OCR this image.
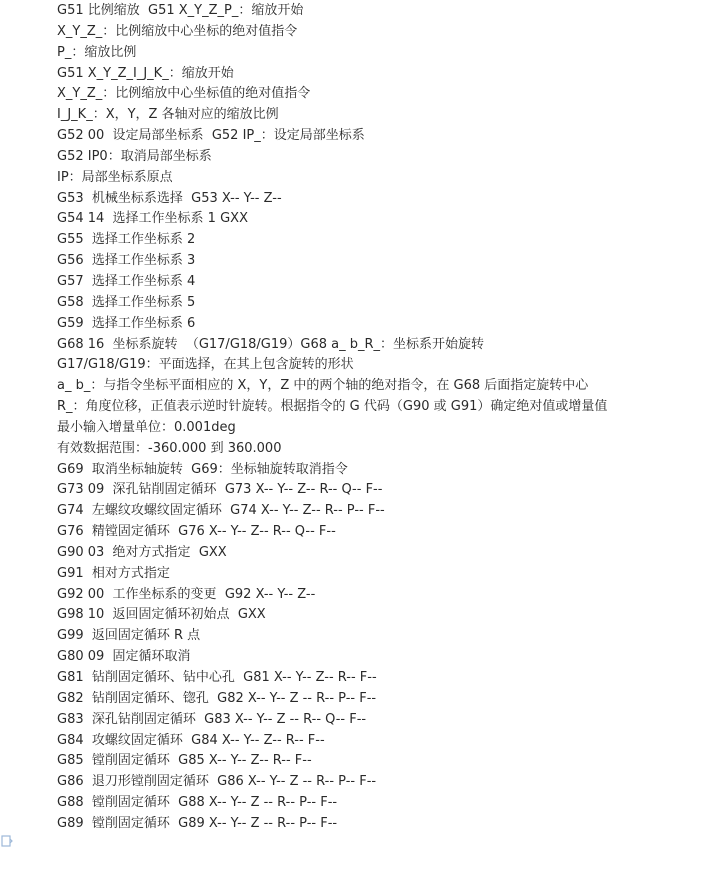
G51 比例缩放  G51 X_Y_Z_P_：缩放开始
X_Y_Z_：比例缩放中心坐标的绝对值指令
P_：缩放比例
G51 X_Y_Z_I_J_K_：缩放开始
X_Y_Z_：比例缩放中心坐标值的绝对值指令
I_J_K_：X，Y，Z 各轴对应的缩放比例
G52 00  设定局部坐标系  G52 IP_：设定局部坐标系
G52 IP0：取消局部坐标系
IP：局部坐标系原点
G53  机械坐标系选择  G53 X-- Y-- Z--
G54 14  选择工作坐标系 1 GXX
G55  选择工作坐标系 2
G56  选择工作坐标系 3
G57  选择工作坐标系 4
G58  选择工作坐标系 5
G59  选择工作坐标系 6
G68 16  坐标系旋转  （G17/G18/G19）G68 a_ b_R_：坐标系开始旋转
G17/G18/G19：平面选择，在其上包含旋转的形状
a_ b_：与指令坐标平面相应的 X，Y，Z 中的两个轴的绝对指令，在 G68 后面指定旋转中心
R_：角度位移，正值表示逆时针旋转。根据指令的 G 代码（G90 或 G91）确定绝对值或增量值
最小输入增量单位：0.001deg
有效数据范围：-360.000 到 360.000
G69  取消坐标轴旋转  G69：坐标轴旋转取消指令
G73 09  深孔钻削固定循环  G73 X-- Y-- Z-- R-- Q-- F--
G74  左螺纹攻螺纹固定循环  G74 X-- Y-- Z-- R-- P-- F--
G76  精镗固定循环  G76 X-- Y-- Z-- R-- Q-- F--
G90 03  绝对方式指定  GXX
G91  相对方式指定
G92 00  工作坐标系的变更  G92 X-- Y-- Z--
G98 10  返回固定循环初始点  GXX
G99  返回固定循环 R 点
G80 09  固定循环取消
G81  钻削固定循环、钻中心孔  G81 X-- Y-- Z-- R-- F--
G82  钻削固定循环、锪孔  G82 X-- Y-- Z -- R-- P-- F--
G83  深孔钻削固定循环  G83 X-- Y-- Z -- R-- Q-- F--
G84  攻螺纹固定循环  G84 X-- Y-- Z-- R-- F--
G85  镗削固定循环  G85 X-- Y-- Z-- R-- F--
G86  退刀形镗削固定循环  G86 X-- Y-- Z -- R-- P-- F--
G88  镗削固定循环  G88 X-- Y-- Z -- R-- P-- F--
G89  镗削固定循环  G89 X-- Y-- Z -- R-- P-- F--
